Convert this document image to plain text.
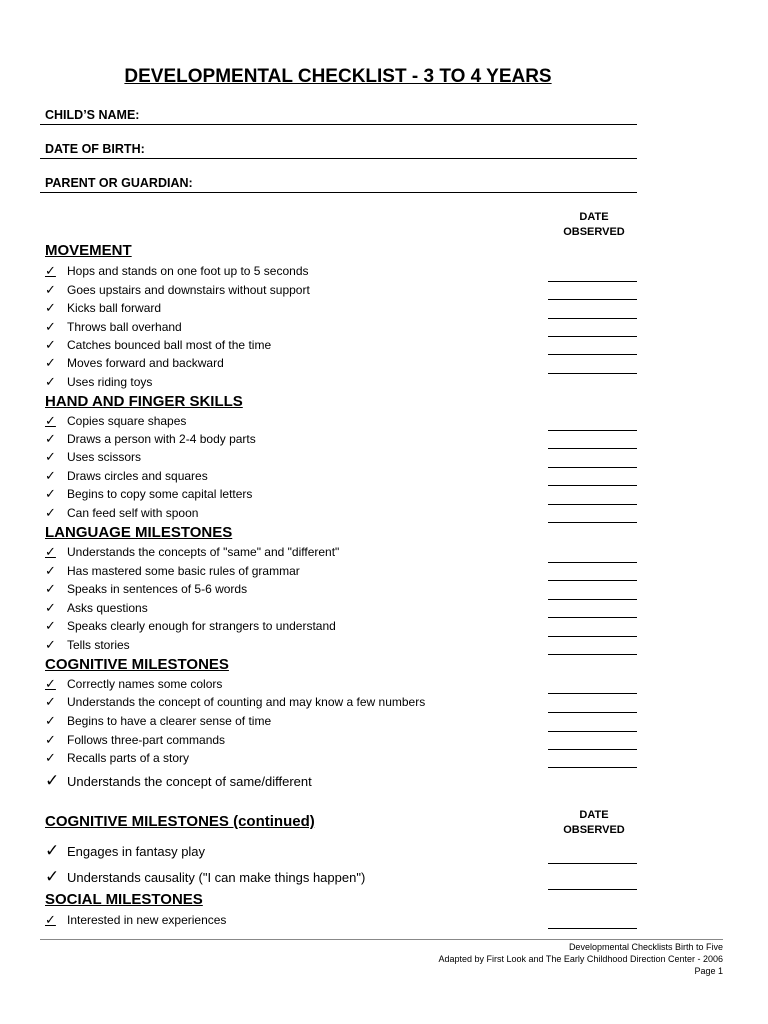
DEVELOPMENTAL CHECKLIST - 3 TO 4 YEARS
CHILD’S NAME:
DATE OF BIRTH:
PARENT OR GUARDIAN:
DATE
OBSERVED
MOVEMENT
✓ Hops and stands on one foot up to 5 seconds
✓ Goes upstairs and downstairs without support
✓ Kicks ball forward
✓ Throws ball overhand
✓ Catches bounced ball most of the time
✓ Moves forward and backward
✓ Uses riding toys
HAND AND FINGER SKILLS
✓ Copies square shapes
✓ Draws a person with 2-4 body parts
✓ Uses scissors
✓ Draws circles and squares
✓ Begins to copy some capital letters
✓ Can feed self with spoon
LANGUAGE MILESTONES
✓ Understands the concepts of "same" and "different"
✓ Has mastered some basic rules of grammar
✓ Speaks in sentences of 5-6 words
✓ Asks questions
✓ Speaks clearly enough for strangers to understand
✓ Tells stories
COGNITIVE MILESTONES
✓ Correctly names some colors
✓ Understands the concept of counting and may know a few numbers
✓ Begins to have a clearer sense of time
✓ Follows three-part commands
✓ Recalls parts of a story
✓ Understands the concept of same/different
DATE
OBSERVED
COGNITIVE MILESTONES (continued)
✓ Engages in fantasy play
✓ Understands causality ("I can make things happen")
SOCIAL MILESTONES
✓ Interested in new experiences
Developmental Checklists Birth to Five
Adapted by First Look and The Early Childhood Direction Center - 2006
Page 1
